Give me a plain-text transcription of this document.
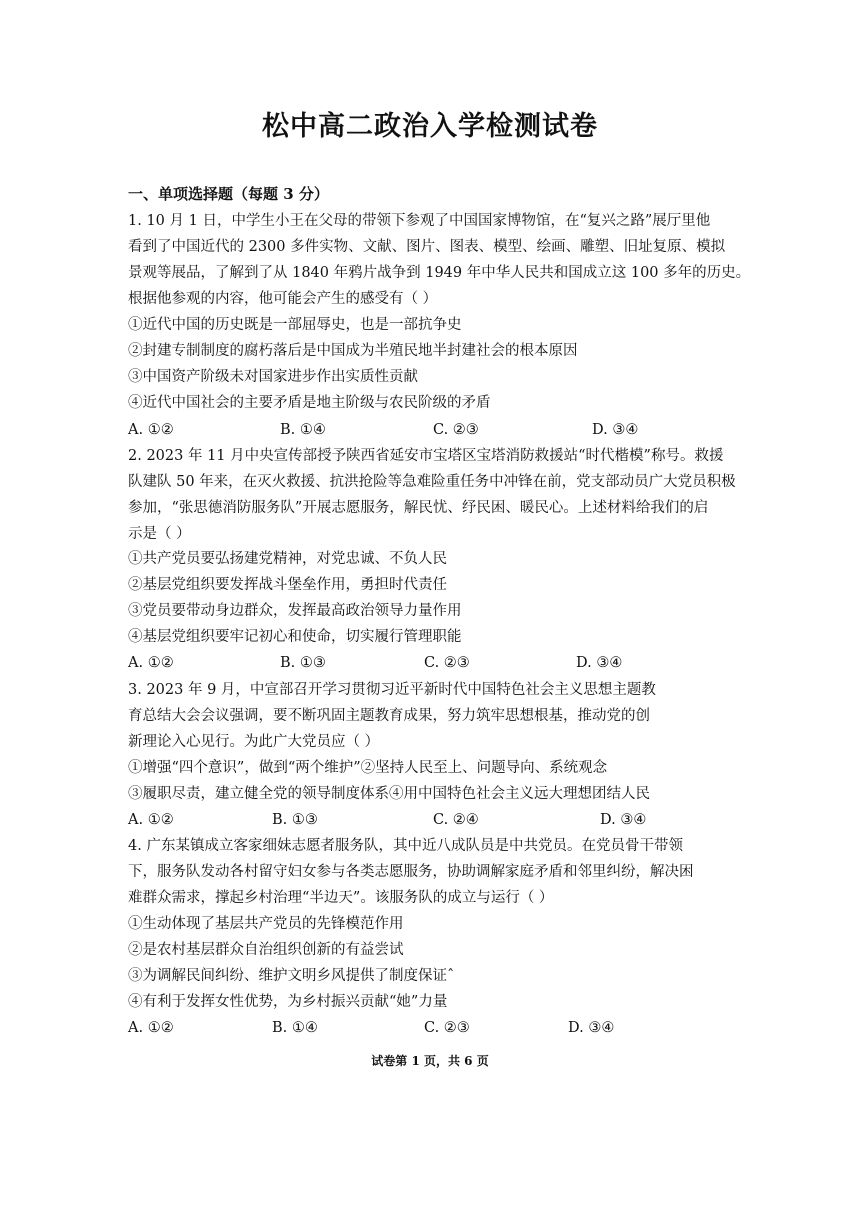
松中高二政治入学检测试卷
一、单项选择题（每题 3 分）
1. 10 月 1 日，中学生小王在父母的带领下参观了中国国家博物馆，在“复兴之路”展厅里他
看到了中国近代的 2300 多件实物、文献、图片、图表、模型、绘画、雕塑、旧址复原、模拟
景观等展品，了解到了从 1840 年鸦片战争到 1949 年中华人民共和国成立这 100 多年的历史。
根据他参观的内容，他可能会产生的感受有（ ）
①近代中国的历史既是一部屈辱史，也是一部抗争史
②封建专制制度的腐朽落后是中国成为半殖民地半封建社会的根本原因
③中国资产阶级未对国家进步作出实质性贡献
④近代中国社会的主要矛盾是地主阶级与农民阶级的矛盾
A. ①②	B. ①④	C. ②③	D. ③④
2. 2023 年 11 月中央宣传部授予陕西省延安市宝塔区宝塔消防救援站“时代楷模”称号。救援
队建队 50 年来，在灭火救援、抗洪抢险等急难险重任务中冲锋在前，党支部动员广大党员积极
参加，“张思德消防服务队”开展志愿服务，解民忧、纾民困、暖民心。上述材料给我们的启
示是（ ）
①共产党员要弘扬建党精神，对党忠诚、不负人民
②基层党组织要发挥战斗堡垒作用，勇担时代责任
③党员要带动身边群众，发挥最高政治领导力量作用
④基层党组织要牢记初心和使命，切实履行管理职能
A. ①②	B. ①③	C. ②③	D. ③④
3. 2023 年 9 月，中宣部召开学习贯彻习近平新时代中国特色社会主义思想主题教
育总结大会会议强调，要不断巩固主题教育成果，努力筑牢思想根基，推动党的创
新理论入心见行。为此广大党员应（ ）
①增强“四个意识”，做到“两个维护”②坚持人民至上、问题导向、系统观念
③履职尽责，建立健全党的领导制度体系④用中国特色社会主义远大理想团结人民
A. ①②	B. ①③	C. ②④	D. ③④
4. 广东某镇成立客家细妹志愿者服务队，其中近八成队员是中共党员。在党员骨干带领
下，服务队发动各村留守妇女参与各类志愿服务，协助调解家庭矛盾和邻里纠纷，解决困
难群众需求，撑起乡村治理“半边天”。该服务队的成立与运行（ ）
①生动体现了基层共产党员的先锋模范作用
②是农村基层群众自治组织创新的有益尝试
③为调解民间纠纷、维护文明乡风提供了制度保证ˆ
④有利于发挥女性优势，为乡村振兴贡献“她”力量
A. ①②	B. ①④	C. ②③	D. ③④
试卷第 1 页，共 6 页
